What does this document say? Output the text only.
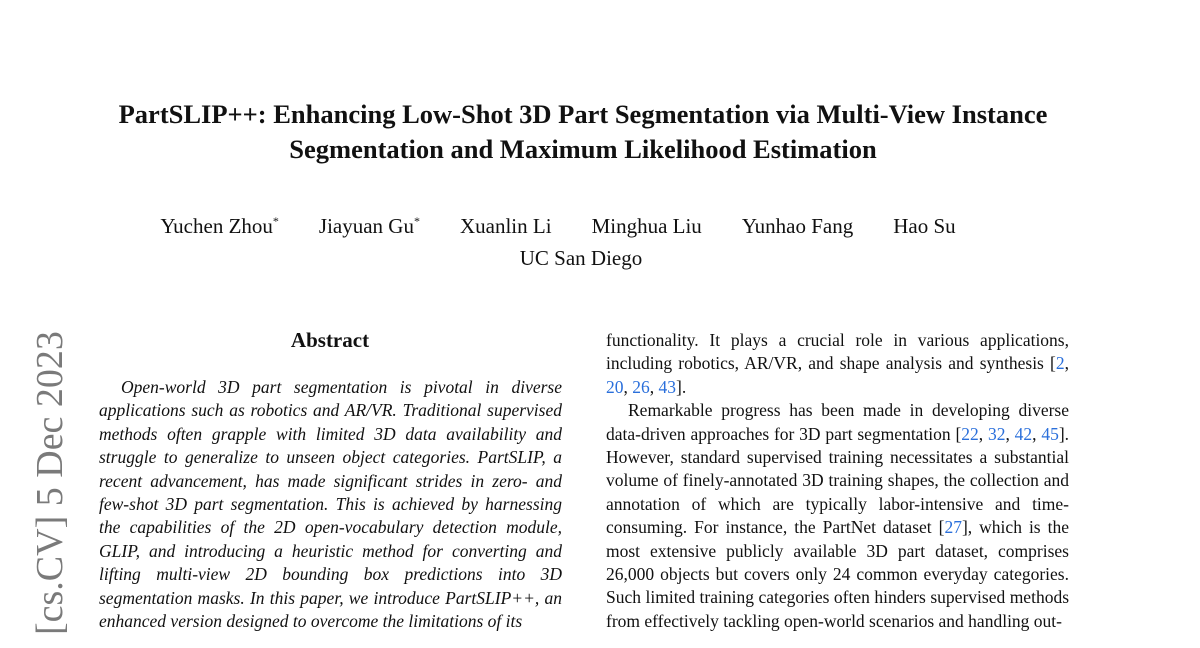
PartSLIP++: Enhancing Low-Shot 3D Part Segmentation via Multi-View Instance Segmentation and Maximum Likelihood Estimation
Yuchen Zhou* Jiayuan Gu* Xuanlin Li Minghua Liu Yunhao Fang Hao Su
UC San Diego
[cs.CV] 5 Dec 2023	Abstract

Open-world 3D part segmentation is pivotal in diverse applications such as robotics and AR/VR. Traditional supervised methods often grapple with limited 3D data availability and struggle to generalize to unseen object categories. PartSLIP, a recent advancement, has made significant strides in zero- and few-shot 3D part segmentation. This is achieved by harnessing the capabilities of the 2D open-vocabulary detection module, GLIP, and introducing a heuristic method for converting and lifting multi-view 2D bounding box predictions into 3D segmentation masks. In this paper, we introduce PartSLIP++, an enhanced version designed to overcome the limitations of its

functionality. It plays a crucial role in various applications, including robotics, AR/VR, and shape analysis and synthesis [2, 20, 26, 43].

Remarkable progress has been made in developing diverse data-driven approaches for 3D part segmentation [22, 32, 42, 45]. However, standard supervised training necessitates a substantial volume of finely-annotated 3D training shapes, the collection and annotation of which are typically labor-intensive and time-consuming. For instance, the PartNet dataset [27], which is the most extensive publicly available 3D part dataset, comprises 26,000 objects but covers only 24 common everyday categories. Such limited training categories often hinders supervised methods from effectively tackling open-world scenarios and handling out-
